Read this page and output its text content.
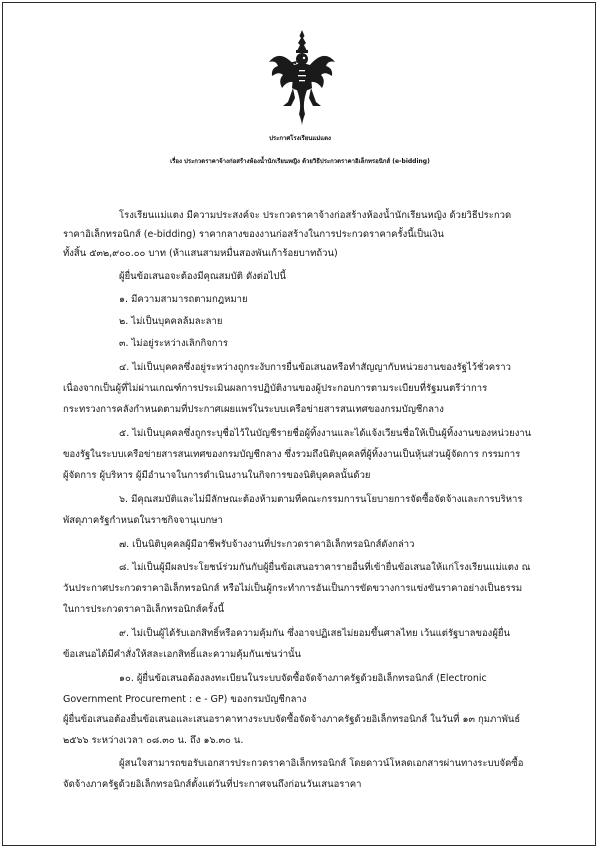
ประกาศโรงเรียนแม่แตง
เรื่อง ประกวดราคาจ้างก่อสร้างห้องน้ำนักเรียนหญิง ด้วยวิธีประกวดราคาอิเล็กทรอนิกส์ (e-bidding)
โรงเรียนแม่แตง มีความประสงค์จะ ประกวดราคาจ้างก่อสร้างห้องน้ำนักเรียนหญิง ด้วยวิธีประกวด
ราคาอิเล็กทรอนิกส์ (e-bidding) ราคากลางของงานก่อสร้างในการประกวดราคาครั้งนี้เป็นเงิน
ทั้งสิ้น ๕๓๒,๙๐๐.๐๐ บาท (ห้าแสนสามหมื่นสองพันเก้าร้อยบาทถ้วน)
ผู้ยื่นข้อเสนอจะต้องมีคุณสมบัติ ดังต่อไปนี้
๑. มีความสามารถตามกฎหมาย
๒. ไม่เป็นบุคคลล้มละลาย
๓. ไม่อยู่ระหว่างเลิกกิจการ
๔. ไม่เป็นบุคคลซึ่งอยู่ระหว่างถูกระงับการยื่นข้อเสนอหรือทำสัญญากับหน่วยงานของรัฐไว้ชั่วคราว
เนื่องจากเป็นผู้ที่ไม่ผ่านเกณฑ์การประเมินผลการปฏิบัติงานของผู้ประกอบการตามระเบียบที่รัฐมนตรีว่าการ
กระทรวงการคลังกำหนดตามที่ประกาศเผยแพร่ในระบบเครือข่ายสารสนเทศของกรมบัญชีกลาง
๕. ไม่เป็นบุคคลซึ่งถูกระบุชื่อไว้ในบัญชีรายชื่อผู้ทิ้งงานและได้แจ้งเวียนชื่อให้เป็นผู้ทิ้งงานของหน่วยงาน
ของรัฐในระบบเครือข่ายสารสนเทศของกรมบัญชีกลาง ซึ่งรวมถึงนิติบุคคลที่ผู้ทิ้งงานเป็นหุ้นส่วนผู้จัดการ กรรมการ
ผู้จัดการ ผู้บริหาร ผู้มีอำนาจในการดำเนินงานในกิจการของนิติบุคคลนั้นด้วย
๖. มีคุณสมบัติและไม่มีลักษณะต้องห้ามตามที่คณะกรรมการนโยบายการจัดซื้อจัดจ้างและการบริหาร
พัสดุภาครัฐกำหนดในราชกิจจานุเบกษา
๗. เป็นนิติบุคคลผู้มีอาชีพรับจ้างงานที่ประกวดราคาอิเล็กทรอนิกส์ดังกล่าว
๘. ไม่เป็นผู้มีผลประโยชน์ร่วมกันกับผู้ยื่นข้อเสนอราคารายอื่นที่เข้ายื่นข้อเสนอให้แก่โรงเรียนแม่แตง ณ
วันประกาศประกวดราคาอิเล็กทรอนิกส์ หรือไม่เป็นผู้กระทำการอันเป็นการขัดขวางการแข่งขันราคาอย่างเป็นธรรม
ในการประกวดราคาอิเล็กทรอนิกส์ครั้งนี้
๙. ไม่เป็นผู้ได้รับเอกสิทธิ์หรือความคุ้มกัน ซึ่งอาจปฏิเสธไม่ยอมขึ้นศาลไทย เว้นแต่รัฐบาลของผู้ยื่น
ข้อเสนอได้มีคำสั่งให้สละเอกสิทธิ์และความคุ้มกันเช่นว่านั้น
๑๐. ผู้ยื่นข้อเสนอต้องลงทะเบียนในระบบจัดซื้อจัดจ้างภาครัฐด้วยอิเล็กทรอนิกส์ (Electronic
Government Procurement : e - GP) ของกรมบัญชีกลาง
ผู้ยื่นข้อเสนอต้องยื่นข้อเสนอและเสนอราคาทางระบบจัดซื้อจัดจ้างภาครัฐด้วยอิเล็กทรอนิกส์ ในวันที่ ๑๓ กุมภาพันธ์
๒๕๖๖ ระหว่างเวลา ๐๘.๓๐ น. ถึง ๑๖.๓๐ น.
ผู้สนใจสามารถขอรับเอกสารประกวดราคาอิเล็กทรอนิกส์ โดยดาวน์โหลดเอกสารผ่านทางระบบจัดซื้อ
จัดจ้างภาครัฐด้วยอิเล็กทรอนิกส์ตั้งแต่วันที่ประกาศจนถึงก่อนวันเสนอราคา
